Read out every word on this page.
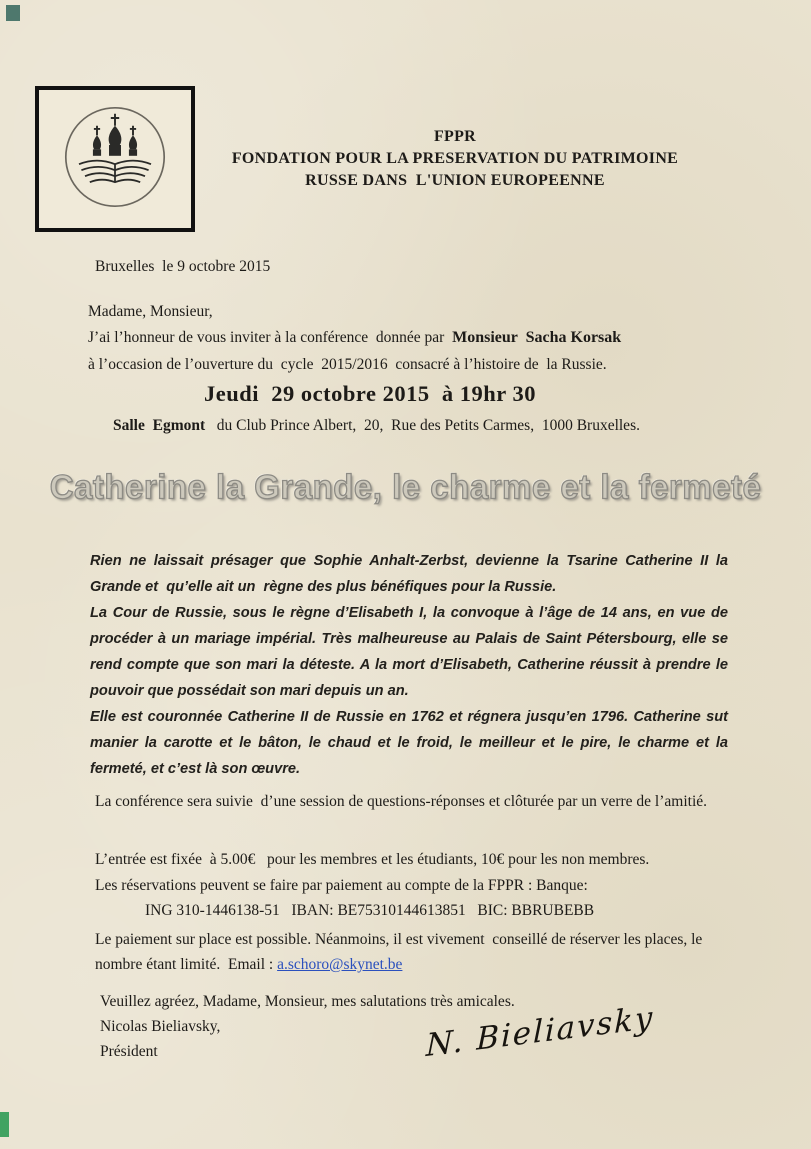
FPPR
FONDATION POUR LA PRESERVATION DU PATRIMOINE
RUSSE DANS  L'UNION EUROPEENNE
Bruxelles  le 9 octobre 2015
Madame, Monsieur,
J’ai l’honneur de vous inviter à la conférence  donnée par  Monsieur  Sacha Korsak
à l’occasion de l’ouverture du  cycle  2015/2016  consacré à l’histoire de  la Russie.
Jeudi  29 octobre 2015  à 19hr 30
Salle  Egmont   du Club Prince Albert,  20,  Rue des Petits Carmes,  1000 Bruxelles.
Catherine la Grande, le charme et la fermeté

Rien ne laissait présager que Sophie Anhalt-Zerbst, devienne la Tsarine Catherine II la Grande et  qu’elle ait un  règne des plus bénéfiques pour la Russie.

La Cour de Russie, sous le règne d’Elisabeth I, la convoque à l’âge de 14 ans, en vue de procéder à un mariage impérial. Très malheureuse au Palais de Saint Pétersbourg, elle se rend compte que son mari la déteste. A la mort d’Elisabeth, Catherine réussit à prendre le pouvoir que possédait son mari depuis un an.

Elle est couronnée Catherine II de Russie en 1762 et régnera jusqu’en 1796. Catherine sut manier la carotte et le bâton, le chaud et le froid, le meilleur et le pire, le charme et la fermeté, et c’est là son œuvre.

La conférence sera suivie  d’une session de questions-réponses et clôturée par un verre de l’amitié.
L’entrée est fixée  à 5.00€   pour les membres et les étudiants, 10€ pour les non membres.
Les réservations peuvent se faire par paiement au compte de la FPPR : Banque:
ING 310-1446138-51   IBAN: BE75310144613851   BIC: BBRUBEBB
Le paiement sur place est possible. Néanmoins, il est vivement  conseillé de réserver les places, le nombre étant limité.  Email : a.schoro@skynet.be
Veuillez agréez, Madame, Monsieur, mes salutations très amicales.
Nicolas Bieliavsky,
Président	N. Bieliavsky
